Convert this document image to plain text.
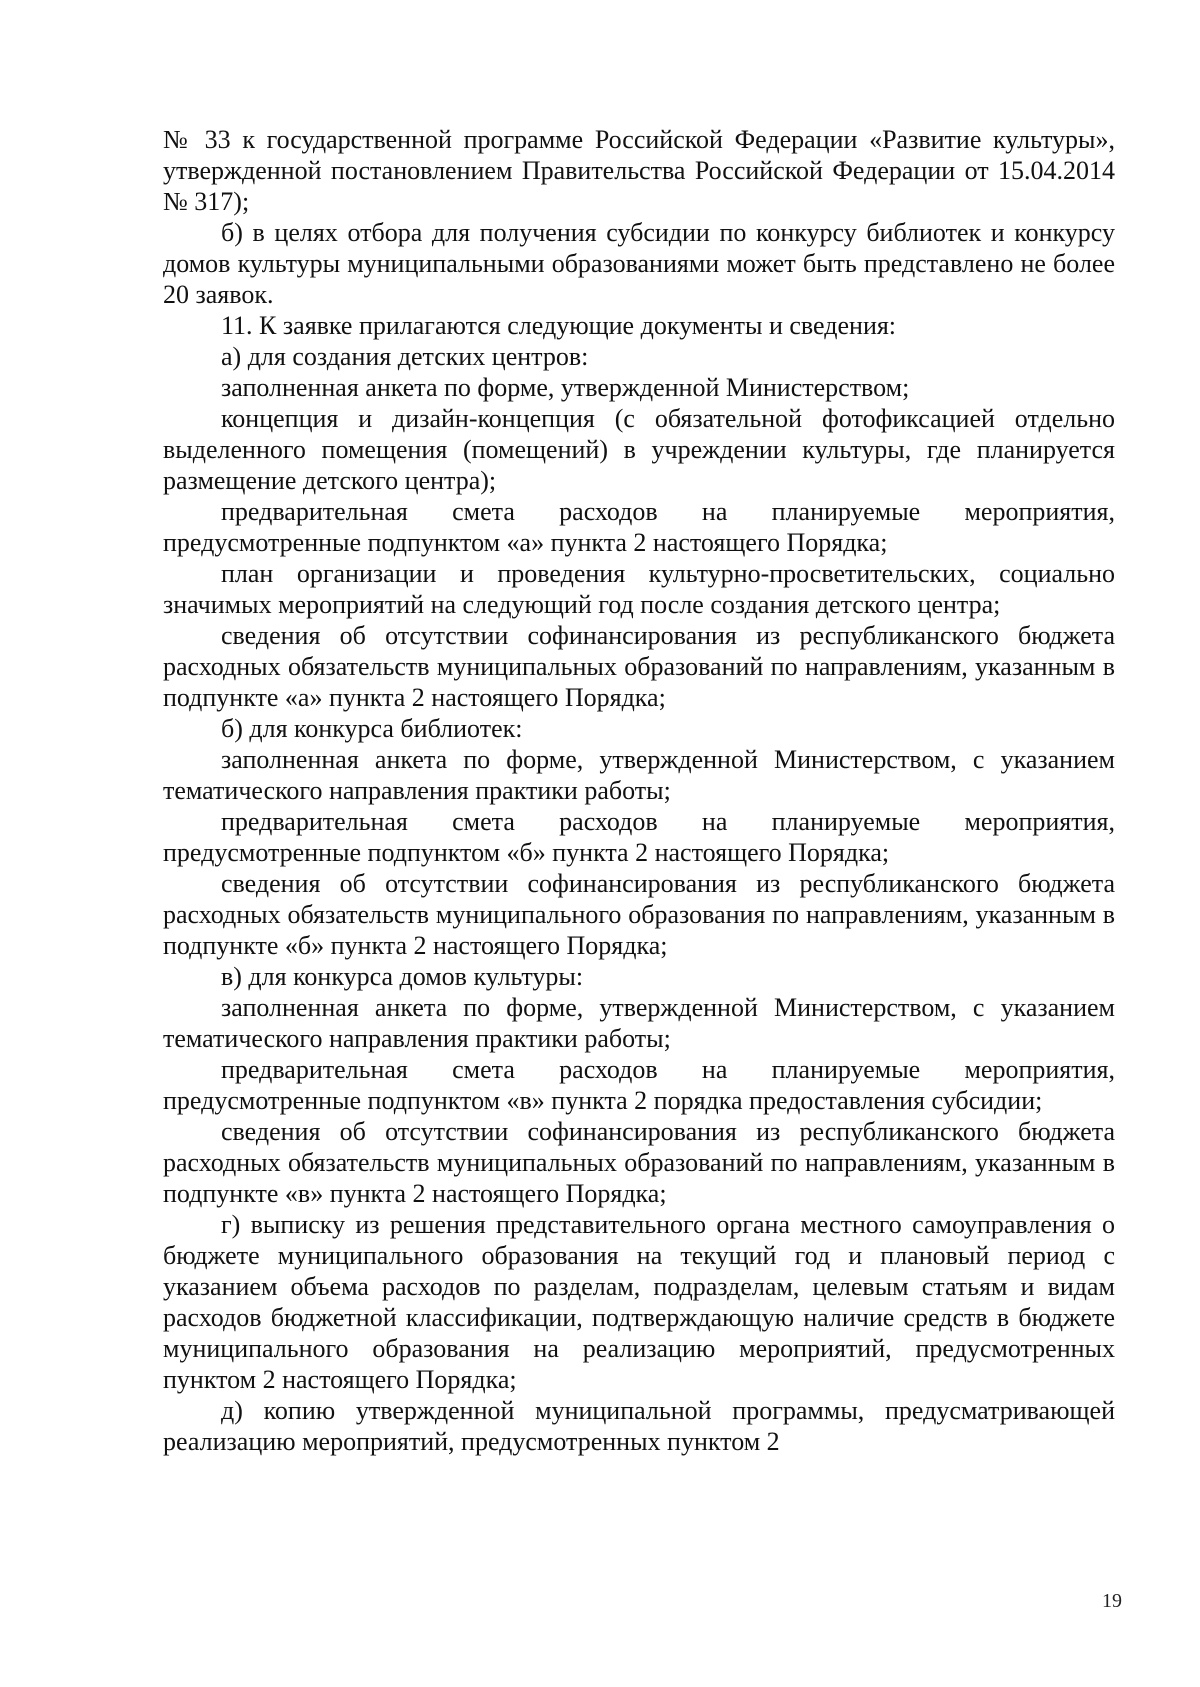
№ 33 к государственной программе Российской Федерации «Развитие культуры», утвержденной постановлением Правительства Российской Федерации от 15.04.2014 № 317);

б) в целях отбора для получения субсидии по конкурсу библиотек и конкурсу домов культуры муниципальными образованиями может быть представлено не более 20 заявок.

11. К заявке прилагаются следующие документы и сведения:

а) для создания детских центров:

заполненная анкета по форме, утвержденной Министерством;

концепция и дизайн-концепция (с обязательной фотофиксацией отдельно выделенного помещения (помещений) в учреждении культуры, где планируется размещение детского центра);

предварительная смета расходов на планируемые мероприятия, предусмотренные подпунктом «а» пункта 2 настоящего Порядка;

план организации и проведения культурно-просветительских, социально значимых мероприятий на следующий год после создания детского центра;

сведения об отсутствии софинансирования из республиканского бюджета расходных обязательств муниципальных образований по направлениям, указанным в подпункте «а» пункта 2 настоящего Порядка;

б) для конкурса библиотек:

заполненная анкета по форме, утвержденной Министерством, с указанием тематического направления практики работы;

предварительная смета расходов на планируемые мероприятия, предусмотренные подпунктом «б» пункта 2 настоящего Порядка;

сведения об отсутствии софинансирования из республиканского бюджета расходных обязательств муниципального образования по направлениям, указанным в подпункте «б» пункта 2 настоящего Порядка;

в) для конкурса домов культуры:

заполненная анкета по форме, утвержденной Министерством, с указанием тематического направления практики работы;

предварительная смета расходов на планируемые мероприятия, предусмотренные подпунктом «в» пункта 2 порядка предоставления субсидии;

сведения об отсутствии софинансирования из республиканского бюджета расходных обязательств муниципальных образований по направлениям, указанным в подпункте «в» пункта 2 настоящего Порядка;

г) выписку из решения представительного органа местного самоуправления о бюджете муниципального образования на текущий год и плановый период с указанием объема расходов по разделам, подразделам, целевым статьям и видам расходов бюджетной классификации, подтверждающую наличие средств в бюджете муниципального образования на реализацию мероприятий, предусмотренных пунктом 2 настоящего Порядка;

д) копию утвержденной муниципальной программы, предусматривающей реализацию мероприятий, предусмотренных пунктом 2

19
